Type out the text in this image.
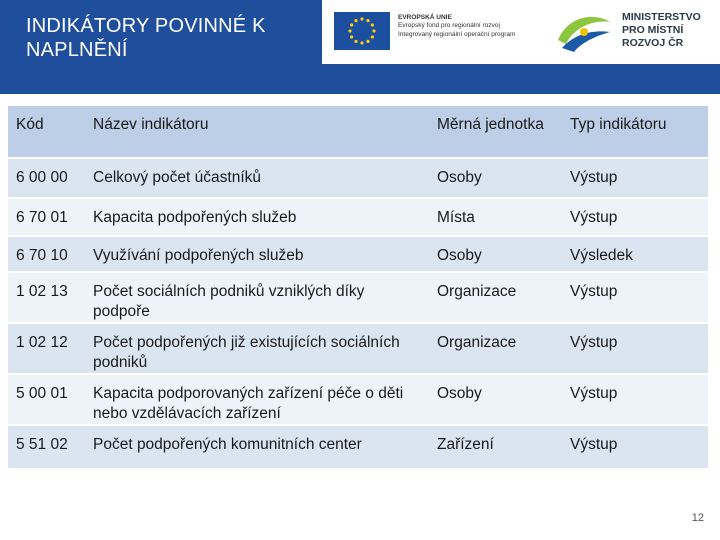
INDIKÁTORY POVINNÉ K NAPLNĚNÍ
EVROPSKÁ UNIE
Evropský fond pro regionální rozvoj
Integrovaný regionální operační program
MINISTERSTVO
PRO MÍSTNÍ
ROZVOJ ČR
Kód	Název indikátoru	Měrná jednotka	Typ indikátoru
6 00 00	Celkový počet účastníků	Osoby	Výstup
6 70 01	Kapacita podpořených služeb	Místa	Výstup
6 70 10	Využívání podpořených služeb	Osoby	Výsledek
1 02 13	Počet sociálních podniků vzniklých díky podpoře	Organizace	Výstup
1 02 12	Počet podpořených již existujících sociálních podniků	Organizace	Výstup
5 00 01	Kapacita podporovaných zařízení péče o děti nebo vzdělávacích zařízení	Osoby	Výstup
5 51 02	Počet podpořených komunitních center	Zařízení	Výstup
12
